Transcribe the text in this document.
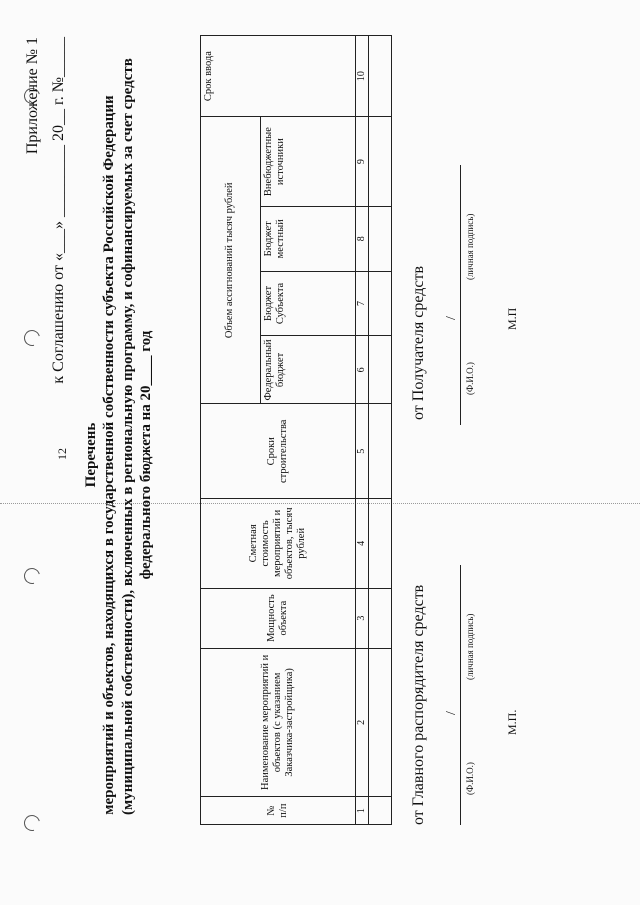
Приложение № 1 к Соглашению от «___» _________ 20__ г. №_____
12 Перечень мероприятий и объектов, находящихся в государственной собственности субъекта Российской Федерации (муниципальной собственности), включенных в региональную программу, и софинансируемых за счет средств федерального бюджета на 20____ год
№
п/п	Наименование мероприятий и объектов (с указанием Заказчика-застройщика)	Мощность объекта	Сметная стоимость мероприятий и объектов, тысяч рублей	Сроки строительства	Объем ассигнований тысяч рублей				Срок ввода
					Федеральный бюджет	Бюджет Субъекта	Бюджет местный	Внебюджетные источники	
1	2	3	4	5	6	7	8	9	10

от Главного распорядителя средств /
(Ф.И.О.)
(личная подпись)
М.П.
от Получателя средств /
(Ф.И.О.)
(личная подпись)
М.П
